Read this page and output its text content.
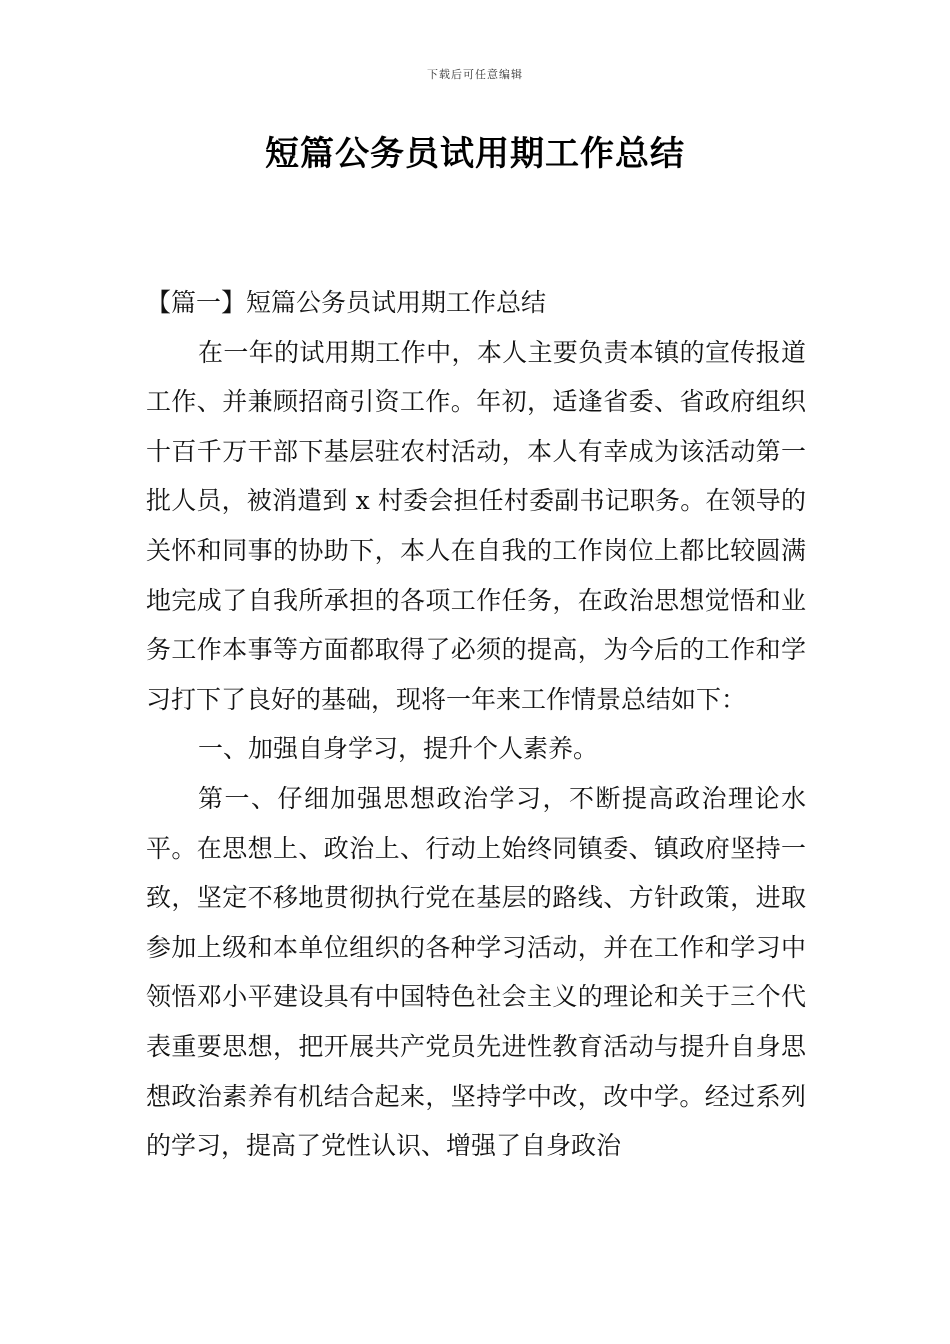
下载后可任意编辑
短篇公务员试用期工作总结

【篇一】短篇公务员试用期工作总结

在一年的试用期工作中，本人主要负责本镇的宣传报道工作、并兼顾招商引资工作。年初，适逢省委、省政府组织十百千万干部下基层驻农村活动，本人有幸成为该活动第一批人员，被消遣到 x 村委会担任村委副书记职务。在领导的关怀和同事的协助下，本人在自我的工作岗位上都比较圆满地完成了自我所承担的各项工作任务，在政治思想觉悟和业务工作本事等方面都取得了必须的提高，为今后的工作和学习打下了良好的基础，现将一年来工作情景总结如下：

一、加强自身学习，提升个人素养。

第一、仔细加强思想政治学习，不断提高政治理论水平。在思想上、政治上、行动上始终同镇委、镇政府坚持一致，坚定不移地贯彻执行党在基层的路线、方针政策，进取参加上级和本单位组织的各种学习活动，并在工作和学习中领悟邓小平建设具有中国特色社会主义的理论和关于三个代表重要思想，把开展共产党员先进性教育活动与提升自身思想政治素养有机结合起来，坚持学中改，改中学。经过系列的学习，提高了党性认识、增强了自身政治
